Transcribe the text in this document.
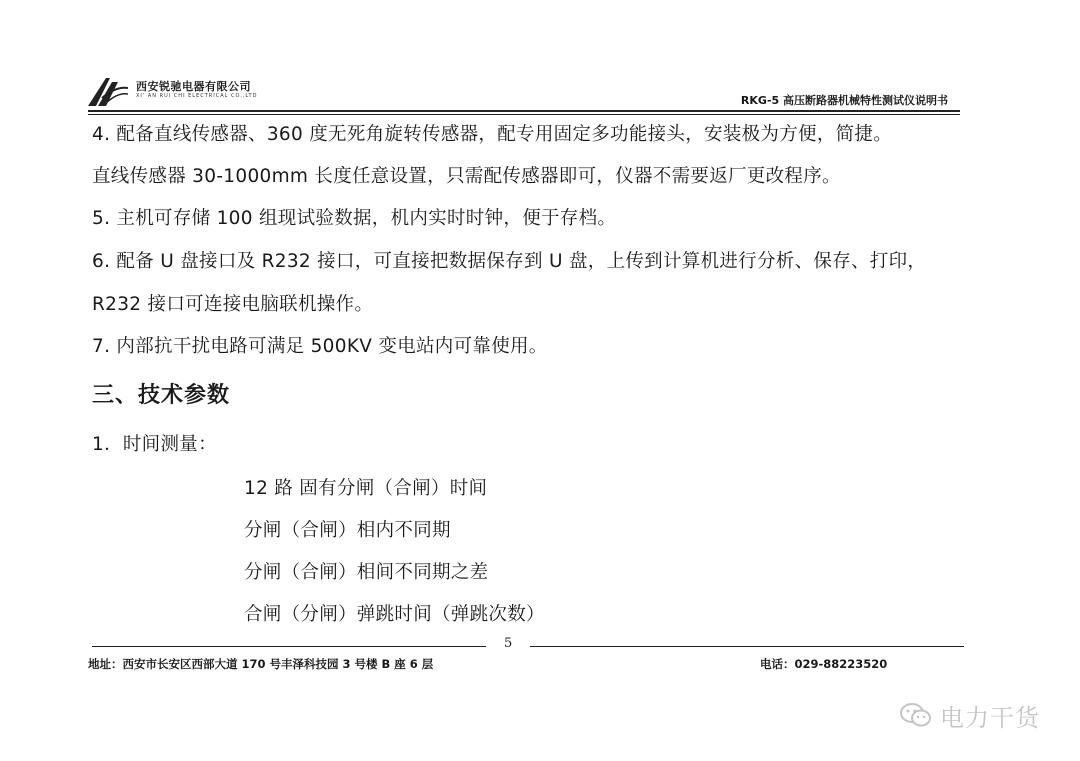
西安锐驰电器有限公司
XI' AN RUI CHI ELECTRICAL CO.,LTD	RKG-5 高压断路器机械特性测试仪说明书
4. 配备直线传感器、360 度无死角旋转传感器，配专用固定多功能接头，安装极为方便，简捷。
直线传感器 30-1000mm 长度任意设置，只需配传感器即可，仪器不需要返厂更改程序。
5. 主机可存储 100 组现试验数据，机内实时时钟，便于存档。
6. 配备 U 盘接口及 R232 接口，可直接把数据保存到 U 盘，上传到计算机进行分析、保存、打印，
R232 接口可连接电脑联机操作。
7. 内部抗干扰电路可满足 500KV 变电站内可靠使用。
三、技术参数
1．时间测量：
12 路 固有分闸（合闸）时间
分闸（合闸）相内不同期
分闸（合闸）相间不同期之差
合闸（分闸）弹跳时间（弹跳次数）
5
地址：西安市长安区西部大道 170 号丰泽科技园 3 号楼 B 座 6 层	电话：029-88223520
电力干货
